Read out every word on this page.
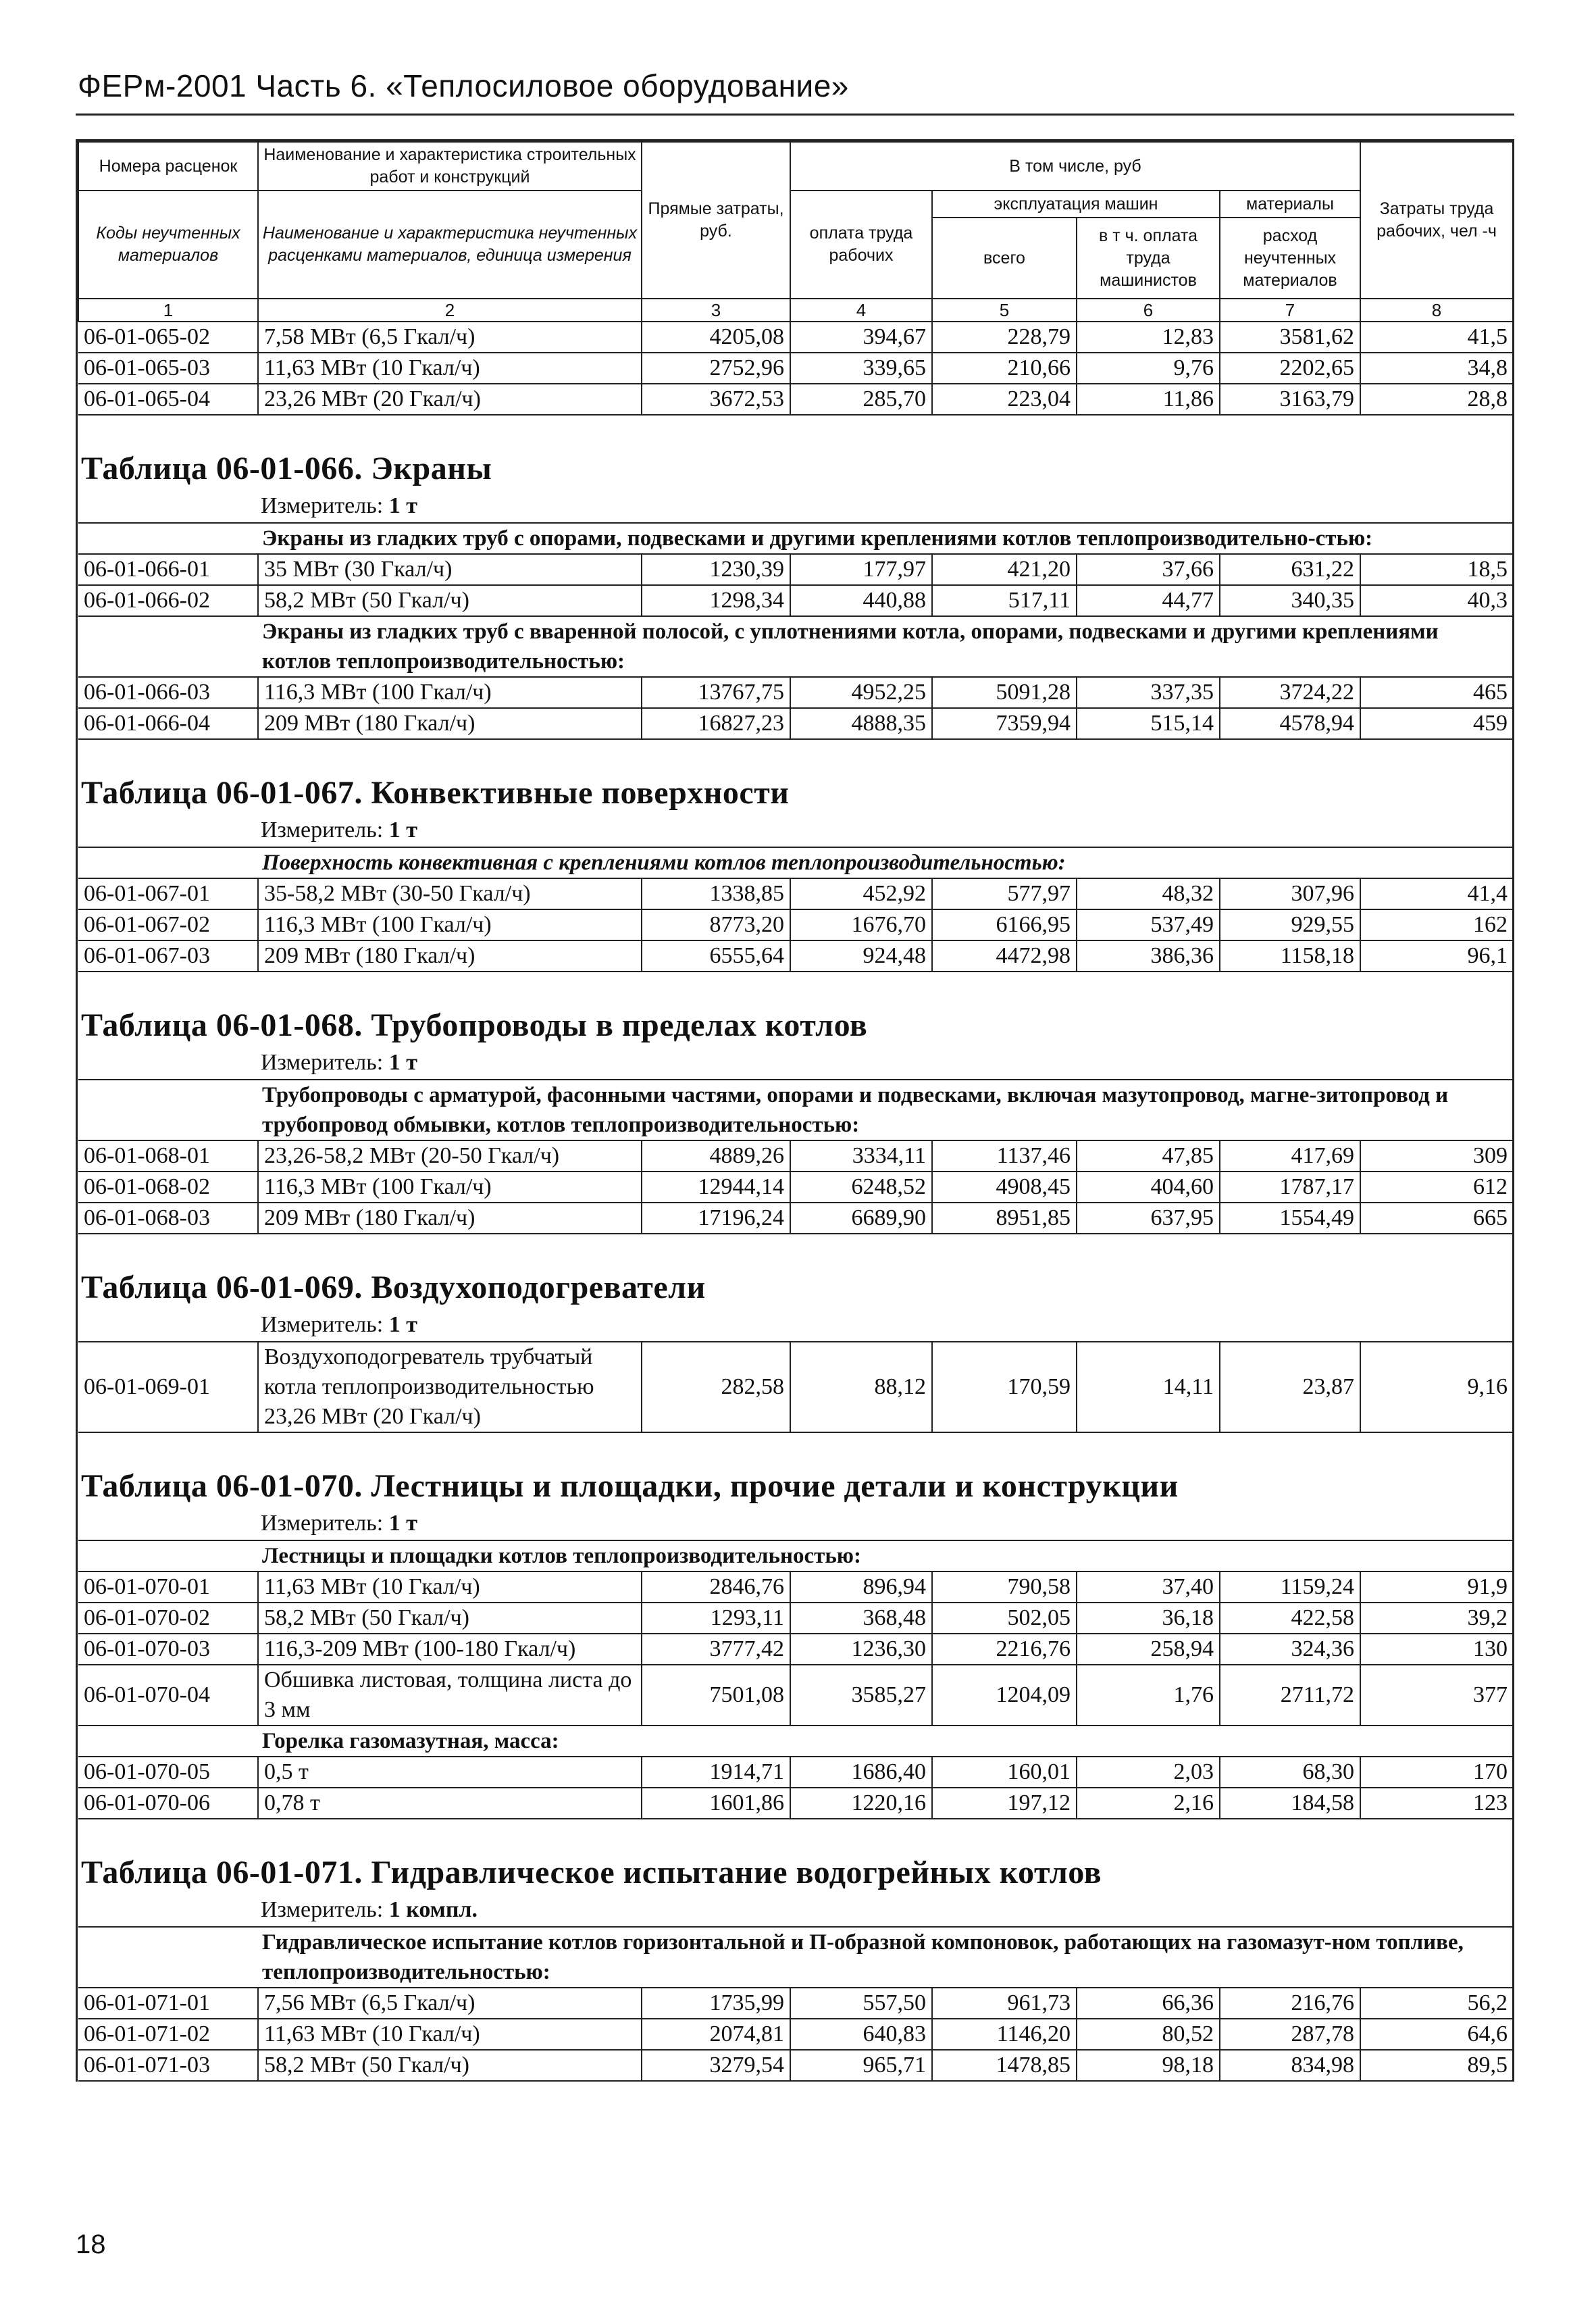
ФЕРм-2001 Часть 6. «Теплосиловое оборудование»
Номера расценок	Наименование и характеристика строительных работ и конструкций	Прямые затраты, руб.	В том числе, руб				Затраты труда рабочих, чел -ч
Коды неучтенных материалов	Наименование и характеристика неучтенных расценками материалов, единица измерения		оплата труда рабочих	эксплуатация машин		материалы	
				всего	в т ч. оплата труда машинистов	расход неучтенных материалов	

1	2	3	4	5	6	7	8
06-01-065-02	7,58 МВт (6,5 Гкал/ч)	4205,08	394,67	228,79	12,83	3581,62	41,5
06-01-065-03	11,63 МВт (10 Гкал/ч)	2752,96	339,65	210,66	9,76	2202,65	34,8
06-01-065-04	23,26 МВт (20 Гкал/ч)	3672,53	285,70	223,04	11,86	3163,79	28,8

Таблица 06-01-066. Экраны							
	Измеритель: 1 т						
	Экраны из гладких труб с опорами, подвесками и другими креплениями котлов теплопроизводительно-стью:						
06-01-066-01	35 МВт (30 Гкал/ч)	1230,39	177,97	421,20	37,66	631,22	18,5
06-01-066-02	58,2 МВт (50 Гкал/ч)	1298,34	440,88	517,11	44,77	340,35	40,3
	Экраны из гладких труб с вваренной полосой, с уплотнениями котла, опорами, подвесками и другими креплениями котлов теплопроизводительностью:						
06-01-066-03	116,3 МВт (100 Гкал/ч)	13767,75	4952,25	5091,28	337,35	3724,22	465
06-01-066-04	209 МВт (180 Гкал/ч)	16827,23	4888,35	7359,94	515,14	4578,94	459

Таблица 06-01-067. Конвективные поверхности							
	Измеритель: 1 т						
	Поверхность конвективная с креплениями котлов теплопроизводительностью:						
06-01-067-01	35-58,2 МВт (30-50 Гкал/ч)	1338,85	452,92	577,97	48,32	307,96	41,4
06-01-067-02	116,3 МВт (100 Гкал/ч)	8773,20	1676,70	6166,95	537,49	929,55	162
06-01-067-03	209 МВт (180 Гкал/ч)	6555,64	924,48	4472,98	386,36	1158,18	96,1

Таблица 06-01-068. Трубопроводы в пределах котлов							
	Измеритель: 1 т						
	Трубопроводы с арматурой, фасонными частями, опорами и подвесками, включая мазутопровод, магне-зитопровод и трубопровод обмывки, котлов теплопроизводительностью:						
06-01-068-01	23,26-58,2 МВт (20-50 Гкал/ч)	4889,26	3334,11	1137,46	47,85	417,69	309
06-01-068-02	116,3 МВт (100 Гкал/ч)	12944,14	6248,52	4908,45	404,60	1787,17	612
06-01-068-03	209 МВт (180 Гкал/ч)	17196,24	6689,90	8951,85	637,95	1554,49	665

Таблица 06-01-069. Воздухоподогреватели							
	Измеритель: 1 т						
06-01-069-01	Воздухоподогреватель трубчатый котла теплопроизводительностью 23,26 МВт (20 Гкал/ч)	282,58	88,12	170,59	14,11	23,87	9,16

Таблица 06-01-070. Лестницы и площадки, прочие детали и конструкции							
	Измеритель: 1 т						
	Лестницы и площадки котлов теплопроизводительностью:						
06-01-070-01	11,63 МВт (10 Гкал/ч)	2846,76	896,94	790,58	37,40	1159,24	91,9
06-01-070-02	58,2 МВт (50 Гкал/ч)	1293,11	368,48	502,05	36,18	422,58	39,2
06-01-070-03	116,3-209 МВт (100-180 Гкал/ч)	3777,42	1236,30	2216,76	258,94	324,36	130
06-01-070-04	Обшивка листовая, толщина листа до 3 мм	7501,08	3585,27	1204,09	1,76	2711,72	377
	Горелка газомазутная, масса:						
06-01-070-05	0,5 т	1914,71	1686,40	160,01	2,03	68,30	170
06-01-070-06	0,78 т	1601,86	1220,16	197,12	2,16	184,58	123

Таблица 06-01-071. Гидравлическое испытание водогрейных котлов							
	Измеритель: 1 компл.						
	Гидравлическое испытание котлов горизонтальной и П-образной компоновок, работающих на газомазут-ном топливе, теплопроизводительностью:						
06-01-071-01	7,56 МВт (6,5 Гкал/ч)	1735,99	557,50	961,73	66,36	216,76	56,2
06-01-071-02	11,63 МВт (10 Гкал/ч)	2074,81	640,83	1146,20	80,52	287,78	64,6
06-01-071-03	58,2 МВт (50 Гкал/ч)	3279,54	965,71	1478,85	98,18	834,98	89,5
18
